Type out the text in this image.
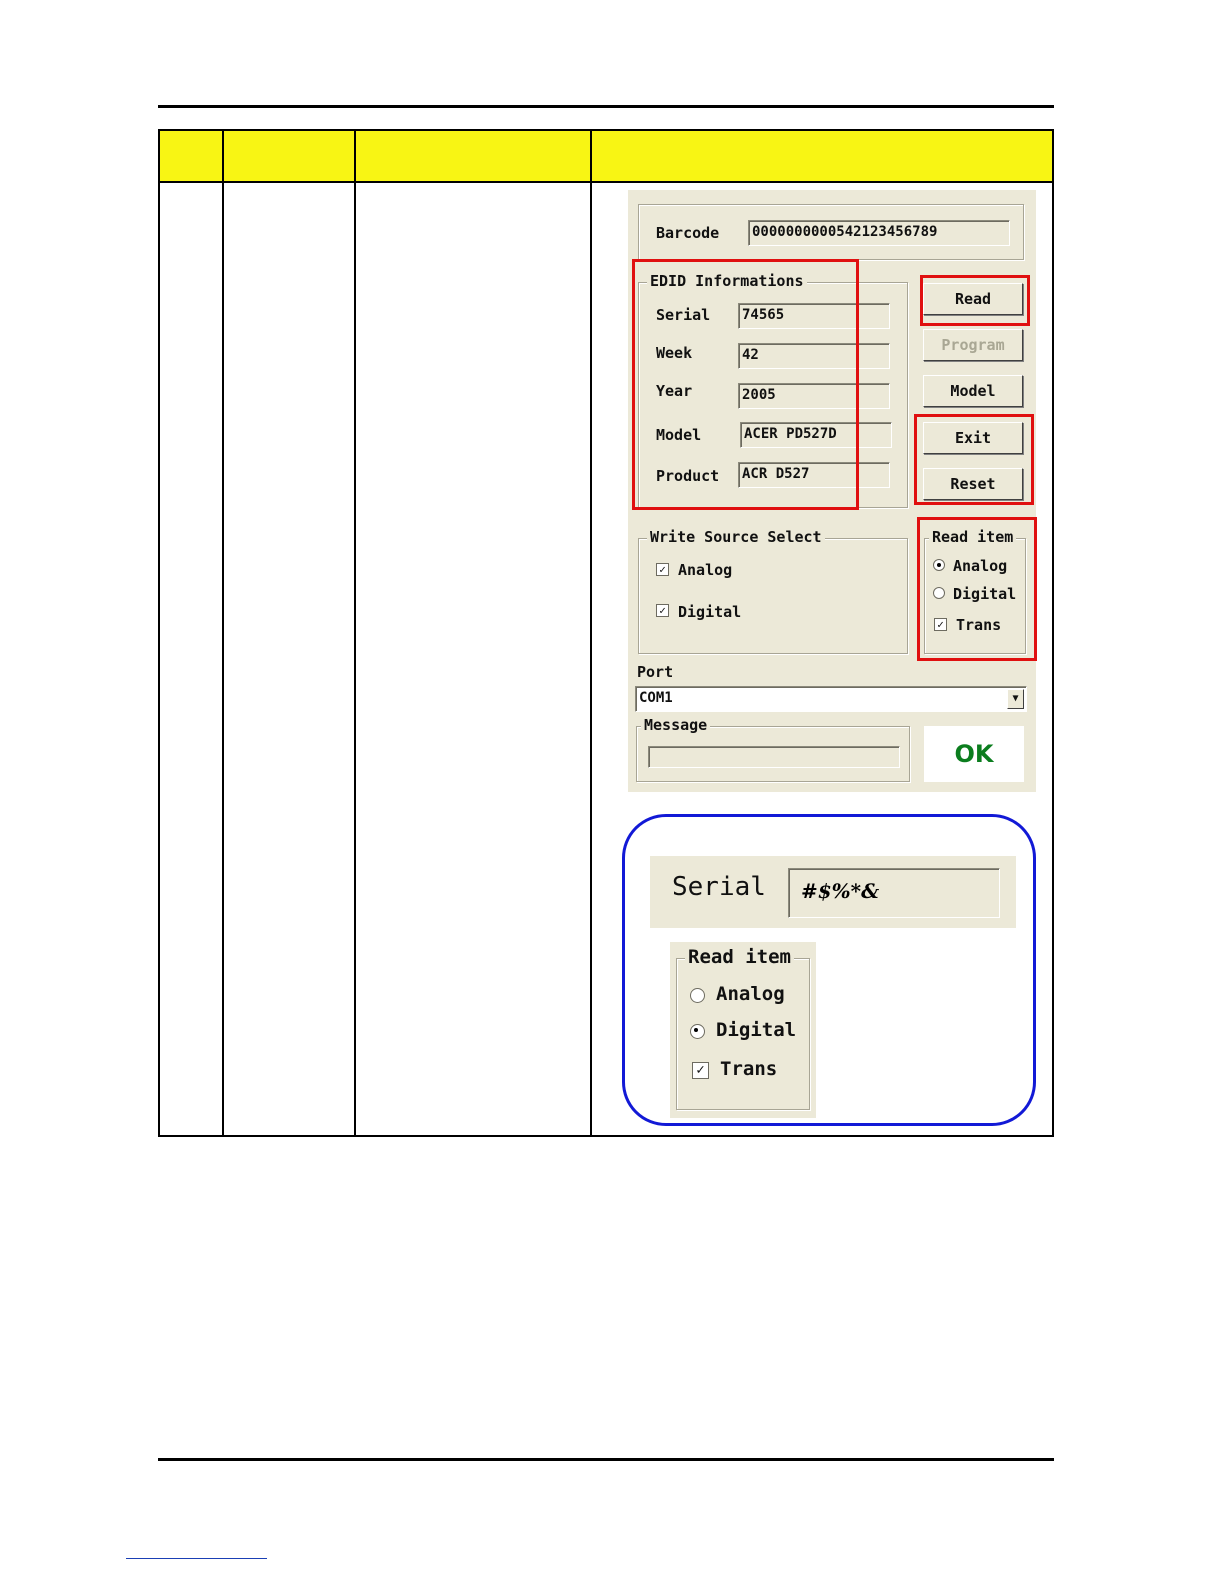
Barcode 0000000000542123456789
EDID Informations
Serial 74565
Week	42
Year	2005
Model	ACER PD527D
Product ACR D527
Read
Program
Model
Exit
Reset
Write Source Select
✓ Analog
✓ Digital
Read item
Analog
Digital
✓ Trans
Port
COM1	▼
Message
OK
Serial	#$%*&
Read item
Analog
Digital
✓ Trans
